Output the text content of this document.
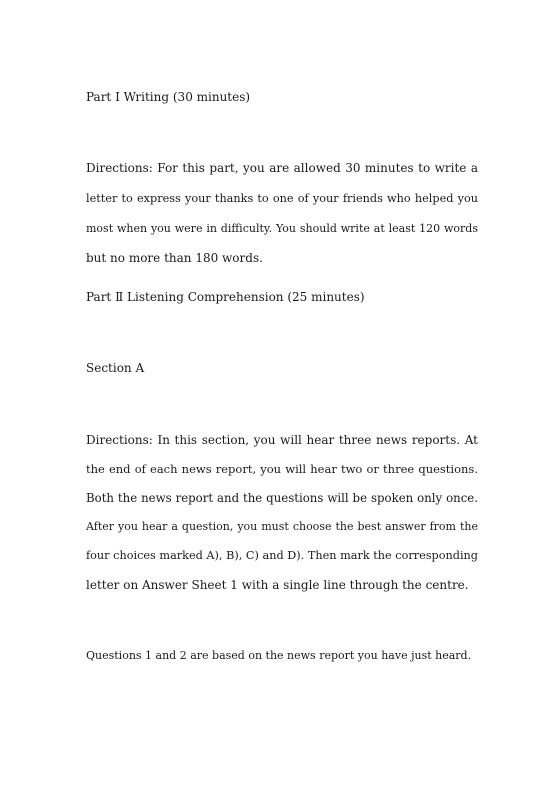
Part I Writing (30 minutes)
Directions: For this part, you are allowed 30 minutes to write a
letter to express your thanks to one of your friends who helped you
most when you were in difficulty. You should write at least 120 words
but no more than 180 words.
Part Ⅱ Listening Comprehension (25 minutes)
Section A
Directions: In this section, you will hear three news reports. At
the end of each news report, you will hear two or three questions.
Both the news report and the questions will be spoken only once.
After you hear a question, you must choose the best answer from the
four choices marked A), B), C) and D). Then mark the corresponding
letter on Answer Sheet 1 with a single line through the centre.
Questions 1 and 2 are based on the news report you have just heard.
